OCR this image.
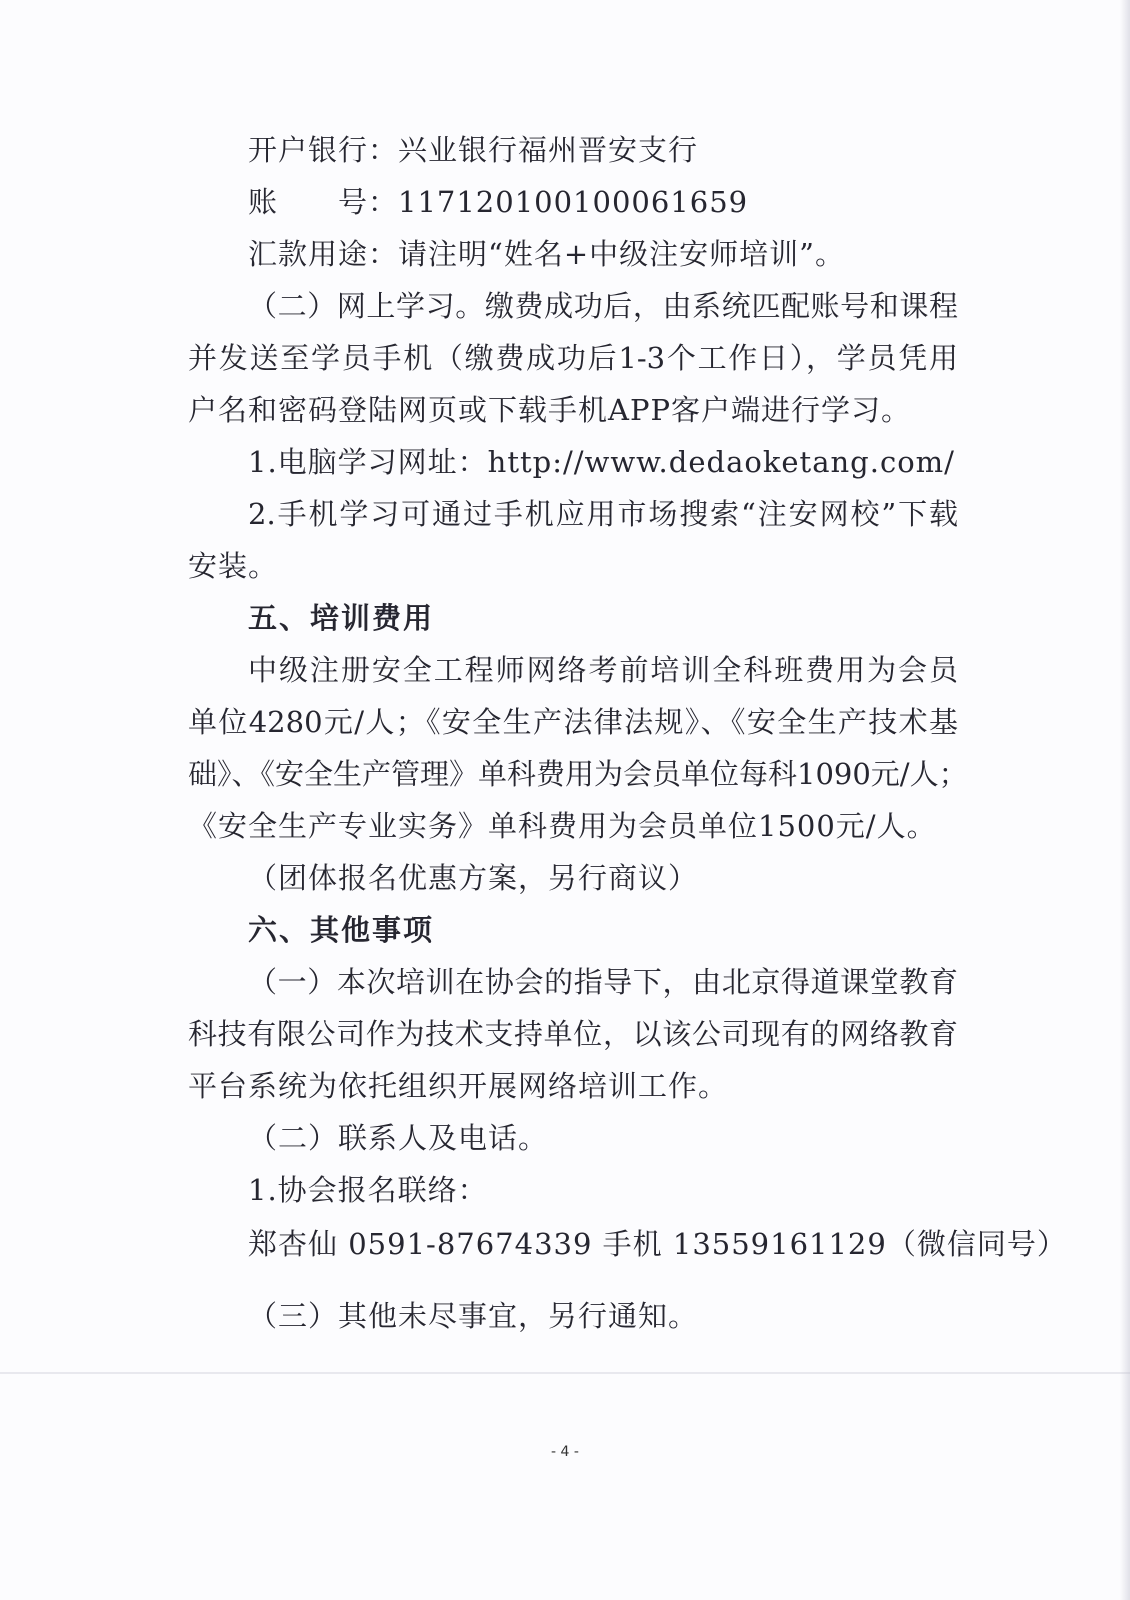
开户银行：兴业银行福州晋安支行
账　　号：117120100100061659
汇款用途：请注明“姓名+中级注安师培训”。
（二）网上学习。缴费成功后，由系统匹配账号和课程
并发送至学员手机（缴费成功后1-3个工作日），学员凭用
户名和密码登陆网页或下载手机APP客户端进行学习。
1.电脑学习网址：http://www.dedaoketang.com/
2.手机学习可通过手机应用市场搜索“注安网校”下载
安装。
五、培训费用
中级注册安全工程师网络考前培训全科班费用为会员
单位4280元/人；《安全生产法律法规》、《安全生产技术基
础》、《安全生产管理》单科费用为会员单位每科1090元/人；
《安全生产专业实务》单科费用为会员单位1500元/人。
（团体报名优惠方案，另行商议）
六、其他事项
（一）本次培训在协会的指导下，由北京得道课堂教育
科技有限公司作为技术支持单位，以该公司现有的网络教育
平台系统为依托组织开展网络培训工作。
（二）联系人及电话。
1.协会报名联络：
郑杏仙 0591-87674339 手机 13559161129（微信同号）
（三）其他未尽事宜，另行通知。
- 4 -
